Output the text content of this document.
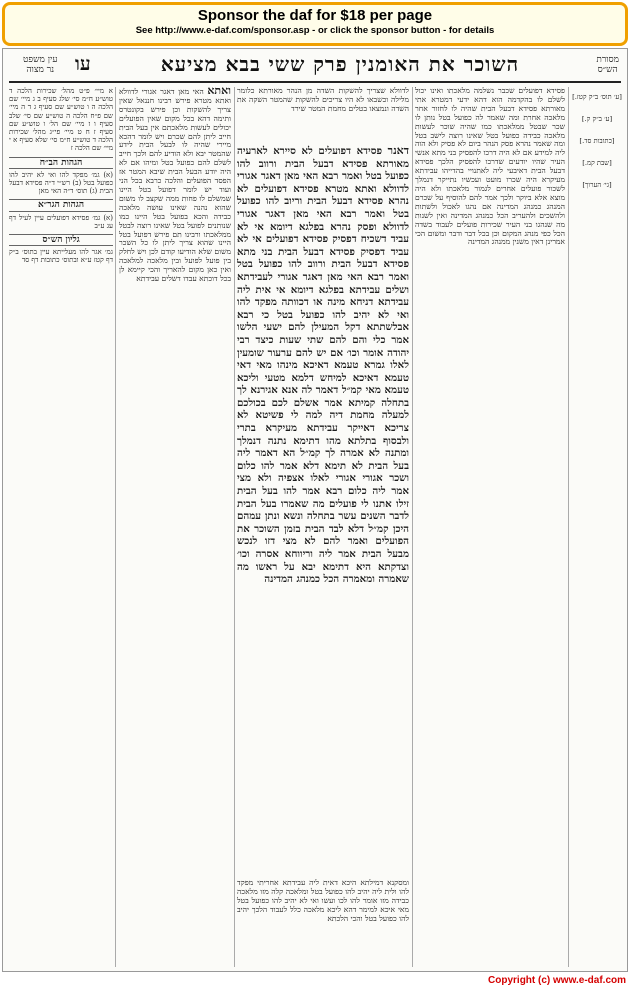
Sponsor the daf for $18 per page
See http://www.e-daf.com/sponsor.asp - or click the sponsor button - for details
עין משפט
נר מצוה	עו	השוכר את האומנין פרק ששי בבא מציעא	מסורת
הש״ס
א מיי׳ פ״ט מהל׳ שכירות הלכה ד טוש״ע ח״מ סי׳ שלג סעיף ב ג מיי׳ שם הלכה ה ו טוש״ע שם סעיף ג ד ה מיי׳ שם פ״ח הלכה ה טוש״ע שם סי׳ שלב סעיף ו ז מיי׳ שם הל׳ ו טוש״ע שם סעיף ז ח ט מיי׳ פי״ג מהל׳ שכירות הלכה ד טוש״ע ח״מ סי׳ שלא סעיף א י מיי׳ שם הלכה ז
הגהות הב״ח
(א) גמ׳ מפקד להו ואי לא יהיב להו כפועל בטל (ב) רש״י ד״ה פסידא דבעל הבית (ג) תוס׳ ד״ה האי מאן
הגהות הגר״א
(א) גמ׳ פסידא דפועלים עיין לעיל דף עג ע״ב
גליון הש״ס
גמ׳ אגר להו מעלייתא עיין בתוס׳ ב״ק דף קטז ע״א ובתוס׳ כתובות דף סד
ואתא האי מאן דאגר אגורי לדוולא ואתא מטרא פירש רבינו חננאל שאין צריך להשקות וכן פירש בקונטרס ותימה דהא בכל מקום שאין הפועלים יכולים לעשות מלאכתם אין בעל הבית חייב ליתן להם שכרם ויש לומר דהכא מיירי שהיה לו לבעל הבית לידע שהמטר יבא ולא הודיע להם ולכך חייב לשלם להם כפועל בטל ומיהו אם לא היה יודע הבעל הבית שיבא המטר אז הפסד הפועלים והלכה כרבא בכל הני ועוד יש לומר דפועל בטל היינו שמשלם לו פחות ממה שקצב לו משום שהוא נהנה שאינו עושה מלאכה כבידה והכא בפועל בטל היינו כמו שנותנים לפועל בטל שאינו רוצה לבטל ממלאכתו ורבינו תם פירש דפועל בטל היינו שהוא צריך ליתן לו כל השכר משום שלא הודיעו קודם לכן ויש לחלק בין פועל לפועל ובין מלאכה למלאכה ואין כאן מקום להאריך והכי קיימא לן בכל דוכתא עבדו דשלים עבידתא
לדוולא שצריך להשקות השדה מן הנהר מאורתא כלומר מלילה וכשבאו לא היו צריכים להשקות שהמטר השקה את השדה ונמצאו בטלים מחמת המטר שירד
דאנר פסידא דפועלים לא סיירא לארעיה מאורתא פסידא דבעל הבית ורווב להו כפועל בטל ואמר רבא האי מאן דאגר אגורי לדוולא ואתא מטרא פסידא דפועלים לא נהרא פסידא דבעל הבית וריוב להו כפועל בטל ואמר רבא האי מאן דאגר אגורי לדוולא ופסק נהרא בפלגא דיומא אי לא עביד דשכיח דפסיק פסידא דפועלים אי לא עביד דפסיק פסידא דבעל הבית בני מתא פסידא דבעל הבית ורווב להו כפועל בטל ואמר רבא האי מאן דאגר אגורי לעבידתא ושלים עבידתא בפלגא דיומא אי אית ליה עבידתא דניחא מינה או דכוותה מפקד להו ואי לא יהיב להו כפועל בטל כי רבא אבלשתתא דקל המעילן להם ישעי הלשו אמר כלי והם להם שתי שעות כיצד רבי יהודה אומר וכו׳ אם יש להם ערעור שומעין לאלו גמרא טעמא דאיכא מינהו מאי דאי טעמא דאיכא למיחש דלמא מטעי וליכא טעמא מאי קמ״ל דאמר לה אנא אגירנא לך בתחלה קמיתא אמר אשלם לכם בכולכם למעלה מחמת דיה למה לי פשיטא לא צריכא דאייקר עבידתא מעיקרא בתרי ולבסוף בתלתא מהו דתימא נתנה דנמלך ומתנה לא אמרה לך קמ״ל הא דאמר ליה בעל הבית לא תימא דלא אמר להו כלום ושכר אגורי אגורי לאלו אצפיה ולא מצי אמר ליה כלום רבא אמר להו בעל הבית זילו אתנו לי פועלים מה שאמרו בעל הבית לדבר השנים עשר בתחלה ונשא ונתן עמהם היכן קמ״ל דלא לבד הבית בזמן השוכר את הפועלים ואמר להם לא מצי דזו לנכש מבעל הבית אמר ליה וריווחא אסרה וכו׳ וצדקתא היא דתימא יבא על ראשו מה שאמרה ומאמרה הכל כמנהג המדינה
ומסקנא דמילתא היכא דאית ליה עבידתא אחריתי מפקד להו ולית ליה יהיב להו כפועל בטל ומלאכה קלה מזו מלאכה כבידה מזו אומר להו לכו ועשו ואי לא יהיב להו כפועל בטל מאי איכא למימר דהא ליכא מלאכה כלל לעבוד הלכך יהיב להו כפועל בטל והכי הלכתא
פסידא דפועלים שכבר נשלמה מלאכתו ואינו יכול לשלם לו בהקדמה הוא דהא ידעי דמטרא אתי מאורתא פסידא דבעל הבית שהיה לו לחזור אחר מלאכה אחרת ומה שאמר לה כפועל בטל נותן לו שכר שבטל ממלאכתו כמו שהיה שוכר לעשות מלאכה כבידה כפועל בטל שאינו רוצה לישב בטל ומה שאמר נהרא פסק הנהר ביום לא פסיק ולא הוה ליה למידע אם לא היה דרכו להפסיק בני מתא אנשי העיר שהיו יודעים שדרכו להפסיק הלכך פסידא דבעל הבית דאיבעי ליה לאתנויי בהדייהו עבידתא מעיקרא היה שכרו מועט ועכשיו נתייקר דנמלך לשכור פועלים אחרים לגמור מלאכתו ולא היה מוצא אלא ביוקר ולכך אמר להם להוסיף על שכרם המנהג כמנהג המדינה אם נהגו לאכול ולשתות ולהשכים ולהעריב הכל כמנהג המדינה ואין לשנות מה שנהגו בני העיר שכירות פועלים לעבוד בשדה הכל כפי מנהג המקום וכן בכל דבר ודבר ומשום הכי אמרינן דאין משנין ממנהג המדינה
[ע׳ תוס׳ ב״ק קטז.]
[ע׳ ב״ק ק.]
[כתובות סד.]
[שבת קמ.]
[גי׳ הערוך]
Copyright (c) www.e-daf.com
